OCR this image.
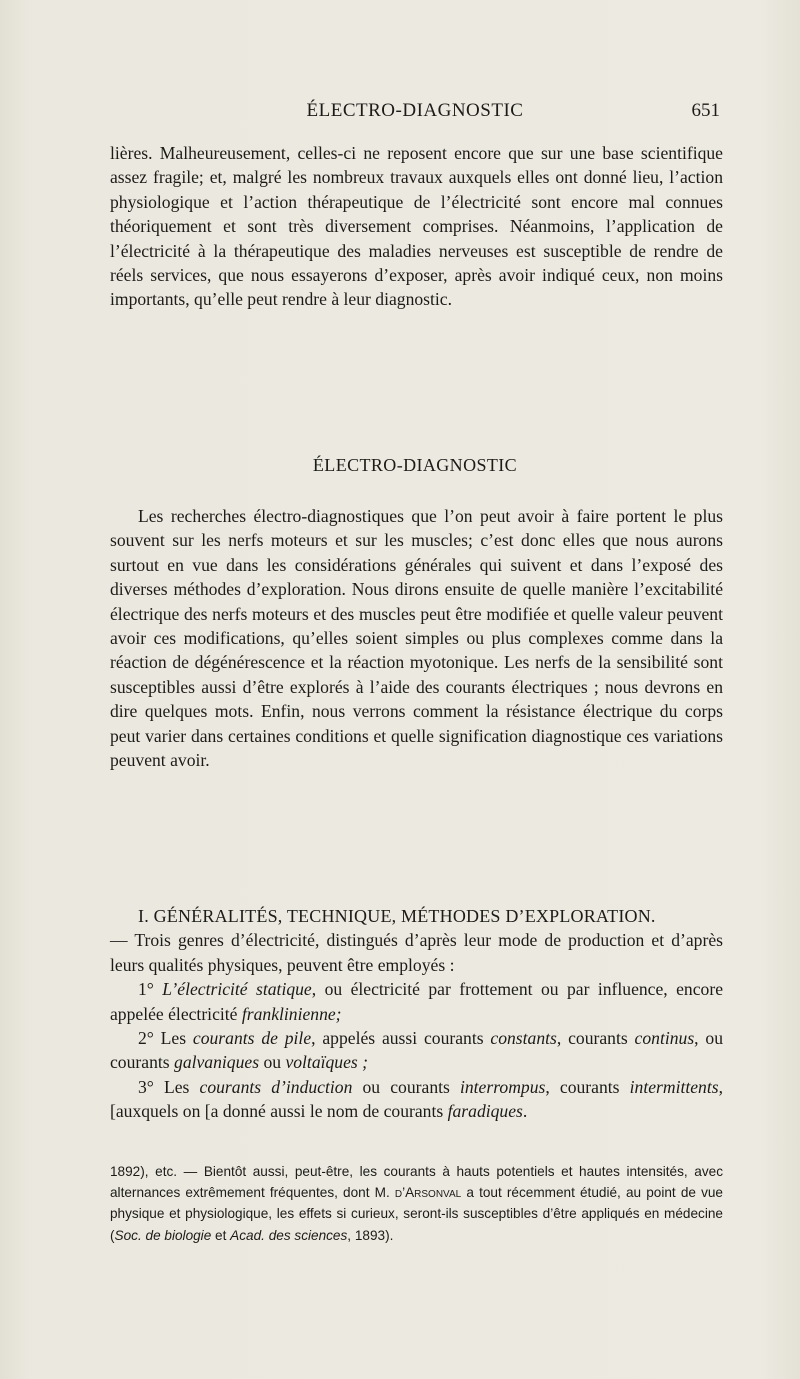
ÉLECTRO-DIAGNOSTIC	651

lières. Malheureusement, celles-ci ne reposent encore que sur une base scientifique assez fragile; et, malgré les nombreux travaux auxquels elles ont donné lieu, l’action physiologique et l’action thérapeutique de l’électricité sont encore mal connues théoriquement et sont très diversement comprises. Néanmoins, l’application de l’électricité à la thérapeutique des maladies nerveuses est susceptible de rendre de réels services, que nous essayerons d’exposer, après avoir indiqué ceux, non moins importants, qu’elle peut rendre à leur diagnostic.

ÉLECTRO-DIAGNOSTIC

Les recherches électro-diagnostiques que l’on peut avoir à faire portent le plus souvent sur les nerfs moteurs et sur les muscles; c’est donc elles que nous aurons surtout en vue dans les considérations générales qui suivent et dans l’exposé des diverses méthodes d’exploration. Nous dirons ensuite de quelle manière l’excitabilité électrique des nerfs moteurs et des muscles peut être modifiée et quelle valeur peuvent avoir ces modifications, qu’elles soient simples ou plus complexes comme dans la réaction de dégénérescence et la réaction myotonique. Les nerfs de la sensibilité sont susceptibles aussi d’être explorés à l’aide des courants électriques ; nous devrons en dire quelques mots. Enfin, nous verrons comment la résistance électrique du corps peut varier dans certaines conditions et quelle signification diagnostique ces variations peuvent avoir.

I. GÉNÉRALITÉS, TECHNIQUE, MÉTHODES D’EXPLORATION.
— Trois genres d’électricité, distingués d’après leur mode de production et d’après leurs qualités physiques, peuvent être employés :

1° L’électricité statique, ou électricité par frottement ou par influence, encore appelée électricité franklinienne;

2° Les courants de pile, appelés aussi courants constants, courants continus, ou courants galvaniques ou voltaïques ;

3° Les courants d’induction ou courants interrompus, courants intermittents, [auxquels on [a donné aussi le nom de courants faradiques.

1892), etc. — Bientôt aussi, peut-être, les courants à hauts potentiels et hautes intensités, avec alternances extrêmement fréquentes, dont M. d’Arsonval a tout récemment étudié, au point de vue physique et physiologique, les effets si curieux, seront-ils susceptibles d’être appliqués en médecine (Soc. de biologie et Acad. des sciences, 1893).
